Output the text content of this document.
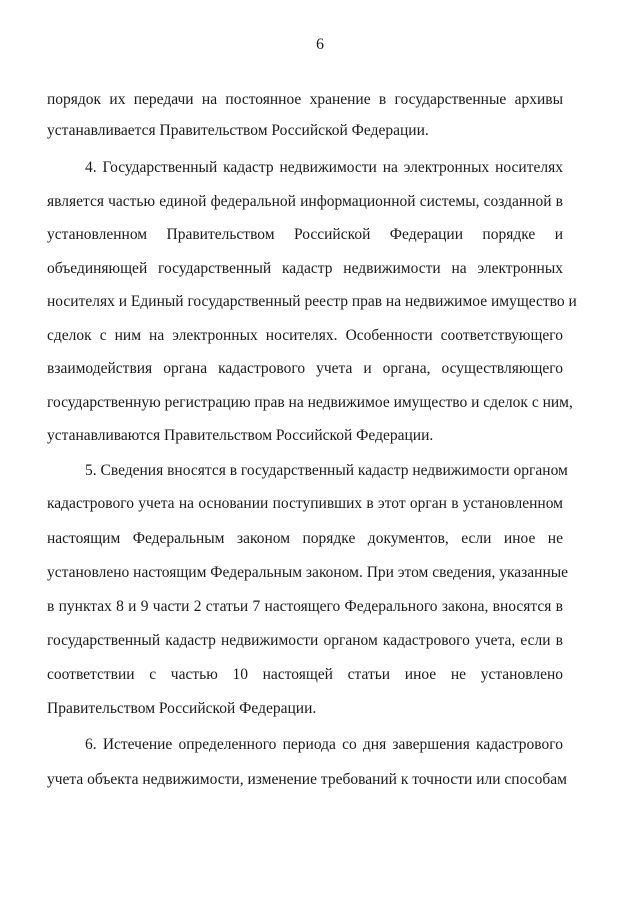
6
порядок их передачи на постоянное хранение в государственные архивы
устанавливается Правительством Российской Федерации.
4. Государственный кадастр недвижимости на электронных носителях
является частью единой федеральной информационной системы, созданной в
установленном Правительством Российской Федерации порядке и
объединяющей государственный кадастр недвижимости на электронных
носителях и Единый государственный реестр прав на недвижимое имущество и
сделок с ним на электронных носителях. Особенности соответствующего
взаимодействия органа кадастрового учета и органа, осуществляющего
государственную регистрацию прав на недвижимое имущество и сделок с ним,
устанавливаются Правительством Российской Федерации.
5. Сведения вносятся в государственный кадастр недвижимости органом
кадастрового учета на основании поступивших в этот орган в установленном
настоящим Федеральным законом порядке документов, если иное не
установлено настоящим Федеральным законом. При этом сведения, указанные
в пунктах 8 и 9 части 2 статьи 7 настоящего Федерального закона, вносятся в
государственный кадастр недвижимости органом кадастрового учета, если в
соответствии с частью 10 настоящей статьи иное не установлено
Правительством Российской Федерации.
6. Истечение определенного периода со дня завершения кадастрового
учета объекта недвижимости, изменение требований к точности или способам
